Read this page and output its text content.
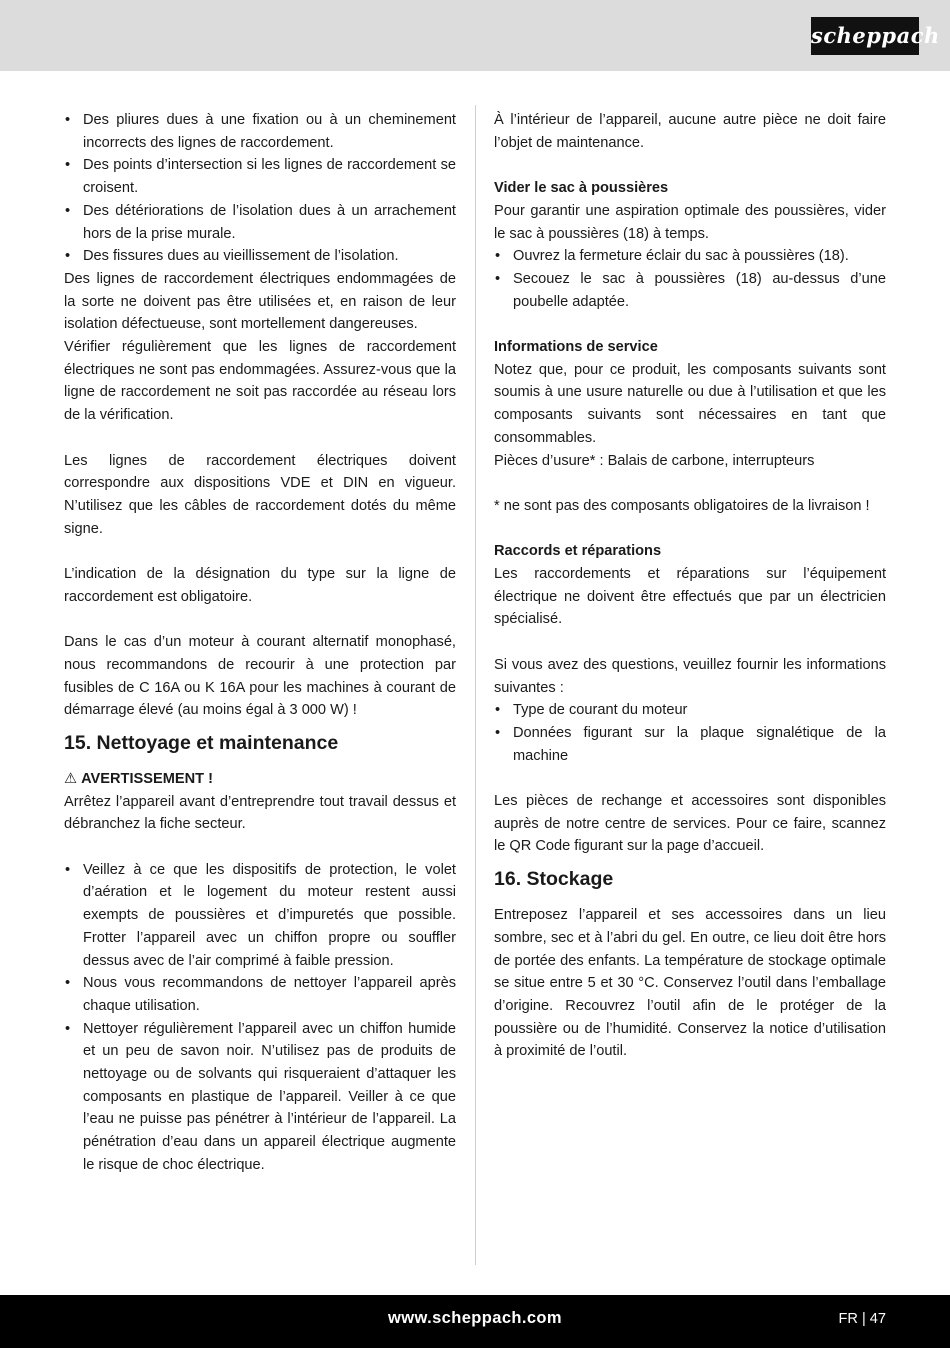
scheppach
• Des pliures dues à une fixation ou à un cheminement incorrects des lignes de raccordement.
• Des points d’intersection si les lignes de raccordement se croisent.
• Des détériorations de l’isolation dues à un arrachement hors de la prise murale.
• Des fissures dues au vieillissement de l’isolation.

Des lignes de raccordement électriques endommagées de la sorte ne doivent pas être utilisées et, en raison de leur isolation défectueuse, sont mortellement dangereuses.

Vérifier régulièrement que les lignes de raccordement électriques ne sont pas endommagées. Assurez-vous que la ligne de raccordement ne soit pas raccordée au réseau lors de la vérification.

Les lignes de raccordement électriques doivent correspondre aux dispositions VDE et DIN en vigueur. N’utilisez que les câbles de raccordement dotés du même signe.

L’indication de la désignation du type sur la ligne de raccordement est obligatoire.

Dans le cas d’un moteur à courant alternatif monophasé, nous recommandons de recourir à une protection par fusibles de C 16A ou K 16A pour les machines à courant de démarrage élevé (au moins égal à 3 000 W) !

15. Nettoyage et maintenance

⚠ AVERTISSEMENT !

Arrêtez l’appareil avant d’entreprendre tout travail dessus et débranchez la fiche secteur.

• Veillez à ce que les dispositifs de protection, le volet d’aération et le logement du moteur restent aussi exempts de poussières et d’impuretés que possible. Frotter l’appareil avec un chiffon propre ou souffler dessus avec de l’air comprimé à faible pression.
• Nous vous recommandons de nettoyer l’appareil après chaque utilisation.
• Nettoyer régulièrement l’appareil avec un chiffon humide et un peu de savon noir. N’utilisez pas de produits de nettoyage ou de solvants qui risqueraient d’attaquer les composants en plastique de l’appareil. Veiller à ce que l’eau ne puisse pas pénétrer à l’intérieur de l’appareil. La pénétration d’eau dans un appareil électrique augmente le risque de choc électrique.

À l’intérieur de l’appareil, aucune autre pièce ne doit faire l’objet de maintenance.

Vider le sac à poussières

Pour garantir une aspiration optimale des poussières, vider le sac à poussières (18) à temps.

• Ouvrez la fermeture éclair du sac à poussières (18).
• Secouez le sac à poussières (18) au-dessus d’une poubelle adaptée.
Informations de service

Notez que, pour ce produit, les composants suivants sont soumis à une usure naturelle ou due à l’utilisation et que les composants suivants sont nécessaires en tant que consommables.

Pièces d’usure* : Balais de carbone, interrupteurs

* ne sont pas des composants obligatoires de la livraison !

Raccords et réparations

Les raccordements et réparations sur l’équipement électrique ne doivent être effectués que par un électricien spécialisé.

Si vous avez des questions, veuillez fournir les informations suivantes :

• Type de courant du moteur
• Données figurant sur la plaque signalétique de la machine

Les pièces de rechange et accessoires sont disponibles auprès de notre centre de services. Pour ce faire, scannez le QR Code figurant sur la page d’accueil.

16. Stockage

Entreposez l’appareil et ses accessoires dans un lieu sombre, sec et à l’abri du gel. En outre, ce lieu doit être hors de portée des enfants. La température de stockage optimale se situe entre 5 et 30 °C. Conservez l’outil dans l’emballage d’origine. Recouvrez l’outil afin de le protéger de la poussière ou de l’humidité. Conservez la notice d’utilisation à proximité de l’outil.

www.scheppach.com	FR | 47
